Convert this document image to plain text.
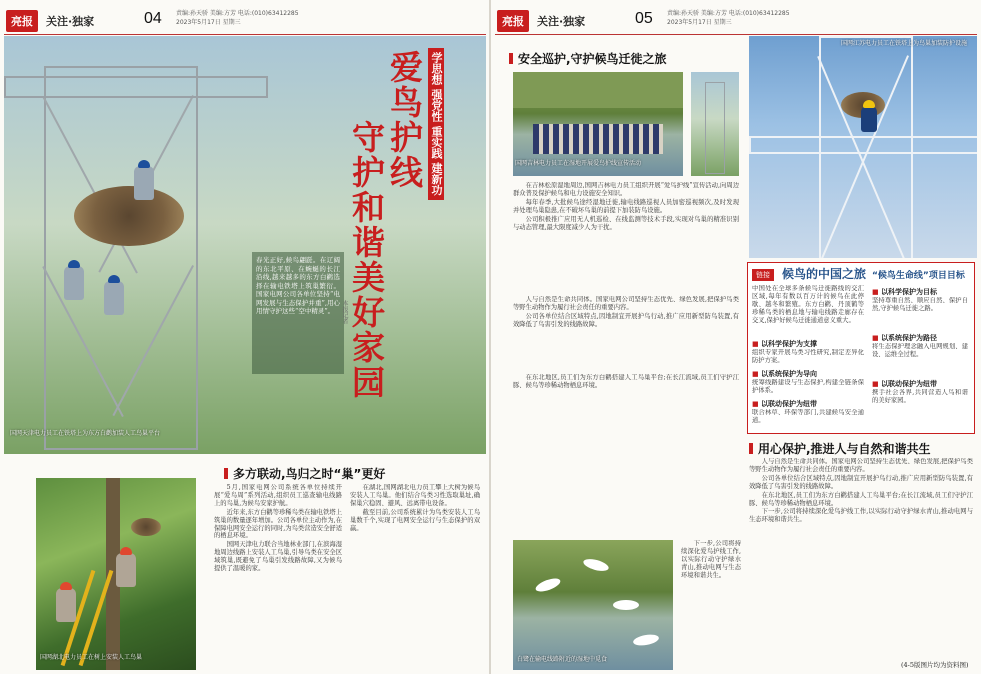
亮报	关注·独家	04 责编:孙天骄 美编:方芳 电话:(010)63412285
2023年5月17日 星期三
学思想 强党性 重实践 建新功
爱鸟护线
守护和谐美好家园
春光正好,候鸟翩跹。在辽阔的东北平原、在蜿蜒的长江沿线,越来越多的东方白鹳选择在输电铁塔上筑巢繁衍。国家电网公司各单位坚持“电网发展与生态保护并重”,用心用情守护这些“空中精灵”。	本报记者
国网天津电力员工在铁塔上为东方白鹳加装人工鸟巢平台
国网湖北电力员工在树上安装人工鸟巢
多方联动,鸟归之时“巢”更好

5月,国家电网公司系统各单位持续开展“爱鸟周”系列活动,组织员工巡查输电线路上的鸟巢,为候鸟安家护航。

近年来,东方白鹳等珍稀鸟类在输电铁塔上筑巢的数量逐年增加。公司各单位主动作为,在保障电网安全运行的同时,为鸟类营造安全舒适的栖息环境。

国网天津电力联合当地林业部门,在滨海湿地周边线路上安装人工鸟巢,引导鸟类在安全区域筑巢,既避免了鸟巢引发线路故障,又为候鸟提供了温暖的家。

在湖北,国网湖北电力员工攀上大树为候鸟安装人工鸟巢。他们结合鸟类习性选取巢址,确保巢穴稳固、避风、远离带电设备。

截至目前,公司系统累计为鸟类安装人工鸟巢数千个,实现了电网安全运行与生态保护的双赢。

亮报	关注·独家	05 责编:孙天骄 美编:方芳 电话:(010)63412285
2023年5月17日 星期三
安全巡护,守护候鸟迁徙之旅
国网吉林电力员工在湿地开展爱鸟护线宣传活动
国网江苏电力员工在铁塔上为鸟巢加装防护设施

在吉林松原湿地周边,国网吉林电力员工组织开展“爱鸟护线”宣传活动,向周边群众普及保护候鸟和电力设施安全知识。

每年春季,大批候鸟途经湿地迁徙,输电线路巡视人员加密巡视频次,及时发现并处理鸟巢隐患,在不破坏鸟巢的前提下加装防鸟设施。

公司积极推广应用无人机巡检、在线监测等技术手段,实现对鸟巢的精准识别与动态管理,最大限度减少人为干扰。

链接	候鸟的中国之旅 “候鸟生命线”项目目标
中国处在全球多条候鸟迁徙路线的交汇区域,每年有数以百万计的候鸟在此停歇、越冬和繁殖。东方白鹳、丹顶鹤等珍稀鸟类的栖息地与输电线路走廊存在交叉,保护好候鸟迁徙通道意义重大。
■ 以科学保护为支撑
组织专家开展鸟类习性研究,制定差异化防护方案。
■ 以系统保护为导向
统筹线路建设与生态保护,构建全链条保护体系。
■ 以联动保护为纽带
联合林草、环保等部门,共建候鸟安全通道。
■ 以科学保护为目标
坚持尊重自然、顺应自然、保护自然,守护候鸟迁徙之路。
■ 以系统保护为路径
将生态保护理念融入电网规划、建设、运维全过程。
■ 以联动保护为纽带
携手社会各界,共同营造人鸟和谐的美好家园。
用心保护,推进人与自然和谐共生

人与自然是生命共同体。国家电网公司坚持生态优先、绿色发展,把保护鸟类等野生动物作为履行社会责任的重要内容。

公司各单位结合区域特点,因地制宜开展护鸟行动,推广应用新型防鸟装置,有效降低了鸟害引发的线路故障。

白鹭在输电线路附近的湿地中觅食

在东北地区,员工们为东方白鹳搭建人工鸟巢平台;在长江流域,员工们守护江豚、候鸟等珍稀动物栖息环境。

下一步,公司将持续深化爱鸟护线工作,以实际行动守护绿水青山,推动电网与生态环境和谐共生。

人与自然是生命共同体。国家电网公司坚持生态优先、绿色发展,把保护鸟类等野生动物作为履行社会责任的重要内容。

公司各单位结合区域特点,因地制宜开展护鸟行动,推广应用新型防鸟装置,有效降低了鸟害引发的线路故障。

在东北地区,员工们为东方白鹳搭建人工鸟巢平台;在长江流域,员工们守护江豚、候鸟等珍稀动物栖息环境。

下一步,公司将持续深化爱鸟护线工作,以实际行动守护绿水青山,推动电网与生态环境和谐共生。

(4-5版图片均为资料图)
